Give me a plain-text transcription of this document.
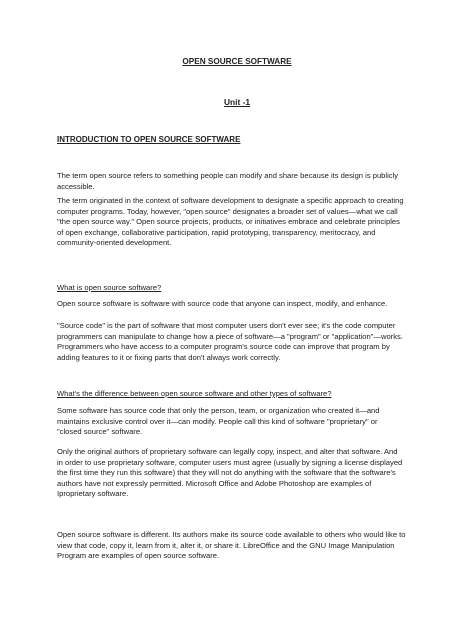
OPEN SOURCE SOFTWARE
Unit -1
INTRODUCTION TO OPEN SOURCE SOFTWARE
The term open source refers to something people can modify and share because its design is publicly
accessible.
The term originated in the context of software development to designate a specific approach to creating
computer programs. Today, however, "open source" designates a broader set of values—what we call
"the open source way." Open source projects, products, or initiatives embrace and celebrate principles
of open exchange, collaborative participation, rapid prototyping, transparency, meritocracy, and
community-oriented development.
What is open source software?
Open source software is software with source code that anyone can inspect, modify, and enhance.
"Source code" is the part of software that most computer users don't ever see; it's the code computer
programmers can manipulate to change how a piece of software—a "program" or "application"—works.
Programmers who have access to a computer program's source code can improve that program by
adding features to it or fixing parts that don't always work correctly.
What's the difference between open source software and other types of software?
Some software has source code that only the person, team, or organization who created it—and
maintains exclusive control over it—can modify. People call this kind of software "proprietary" or
"closed source" software.
Only the original authors of proprietary software can legally copy, inspect, and alter that software. And
in order to use proprietary software, computer users must agree (usually by signing a license displayed
the first time they run this software) that they will not do anything with the software that the software's
authors have not expressly permitted. Microsoft Office and Adobe Photoshop are examples of
Iproprietary software.
Open source software is different. Its authors make its source code available to others who would like to
view that code, copy it, learn from it, alter it, or share it. LibreOffice and the GNU Image Manipulation
Program are examples of open source software.
